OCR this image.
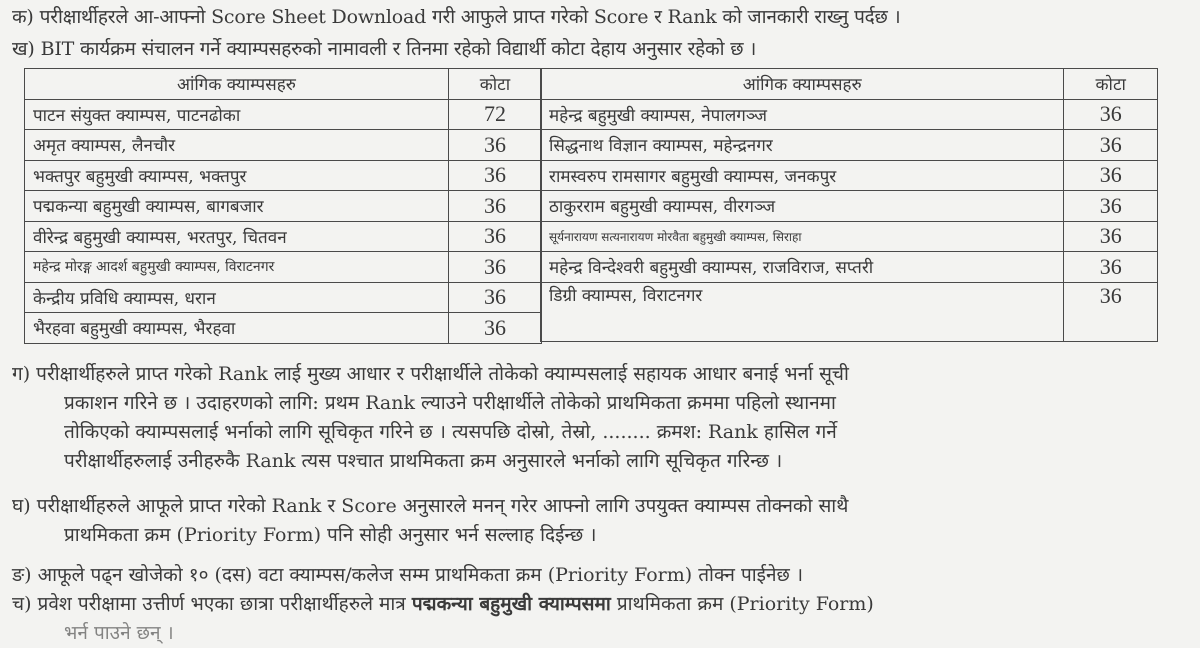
क) परीक्षार्थीहरले आ-आफ्नो Score Sheet Download गरी आफुले प्राप्त गरेको Score र Rank को जानकारी राख्नु पर्दछ ।
ख) BIT कार्यक्रम संचालन गर्ने क्याम्पसहरुको नामावली र तिनमा रहेको विद्यार्थी कोटा देहाय अनुसार रहेको छ ।
आंगिक क्याम्पसहरु	कोटा
पाटन संयुक्त क्याम्पस, पाटनढोका	72
अमृत क्याम्पस, लैनचौर	36
भक्तपुर बहुमुखी क्याम्पस, भक्तपुर	36
पद्मकन्या बहुमुखी क्याम्पस, बागबजार	36
वीरेन्द्र बहुमुखी क्याम्पस, भरतपुर, चितवन	36
महेन्द्र मोरङ्ग आदर्श बहुमुखी क्याम्पस, विराटनगर	36
केन्द्रीय प्रविधि क्याम्पस, धरान	36
भैरहवा बहुमुखी क्याम्पस, भैरहवा	36
आंगिक क्याम्पसहरु	कोटा
महेन्द्र बहुमुखी क्याम्पस, नेपालगञ्ज	36
सिद्धनाथ विज्ञान क्याम्पस, महेन्द्रनगर	36
रामस्वरुप रामसागर बहुमुखी क्याम्पस, जनकपुर	36
ठाकुरराम बहुमुखी क्याम्पस, वीरगञ्ज	36
सूर्यनारायण सत्यनारायण मोरवैता बहुमुखी क्याम्पस, सिराहा	36
महेन्द्र विन्देश्वरी बहुमुखी क्याम्पस, राजविराज, सप्तरी	36
डिग्री क्याम्पस, विराटनगर	36
ग) परीक्षार्थीहरुले प्राप्त गरेको Rank लाई मुख्य आधार र परीक्षार्थीले तोकेको क्याम्पसलाई सहायक आधार बनाई भर्ना सूची
प्रकाशन गरिने छ । उदाहरणको लागि: प्रथम Rank ल्याउने परीक्षार्थीले तोकेको प्राथमिकता क्रममा पहिलो स्थानमा
तोकिएको क्याम्पसलाई भर्नाको लागि सूचिकृत गरिने छ । त्यसपछि दोस्रो, तेस्रो, ........ क्रमश: Rank हासिल गर्ने
परीक्षार्थीहरुलाई उनीहरुकै Rank त्यस पश्चात प्राथमिकता क्रम अनुसारले भर्नाको लागि सूचिकृत गरिन्छ ।
घ) परीक्षार्थीहरुले आफूले प्राप्त गरेको Rank र Score अनुसारले मनन् गरेर आफ्नो लागि उपयुक्त क्याम्पस तोक्नको साथै
प्राथमिकता क्रम (Priority Form) पनि सोही अनुसार भर्न सल्लाह दिईन्छ ।
ङ) आफूले पढ्न खोजेको १० (दस) वटा क्याम्पस/कलेज सम्म प्राथमिकता क्रम (Priority Form) तोक्न पाईनेछ ।
च) प्रवेश परीक्षामा उत्तीर्ण भएका छात्रा परीक्षार्थीहरुले मात्र पद्मकन्या बहुमुखी क्याम्पसमा प्राथमिकता क्रम (Priority Form)
भर्न पाउने छन् ।
